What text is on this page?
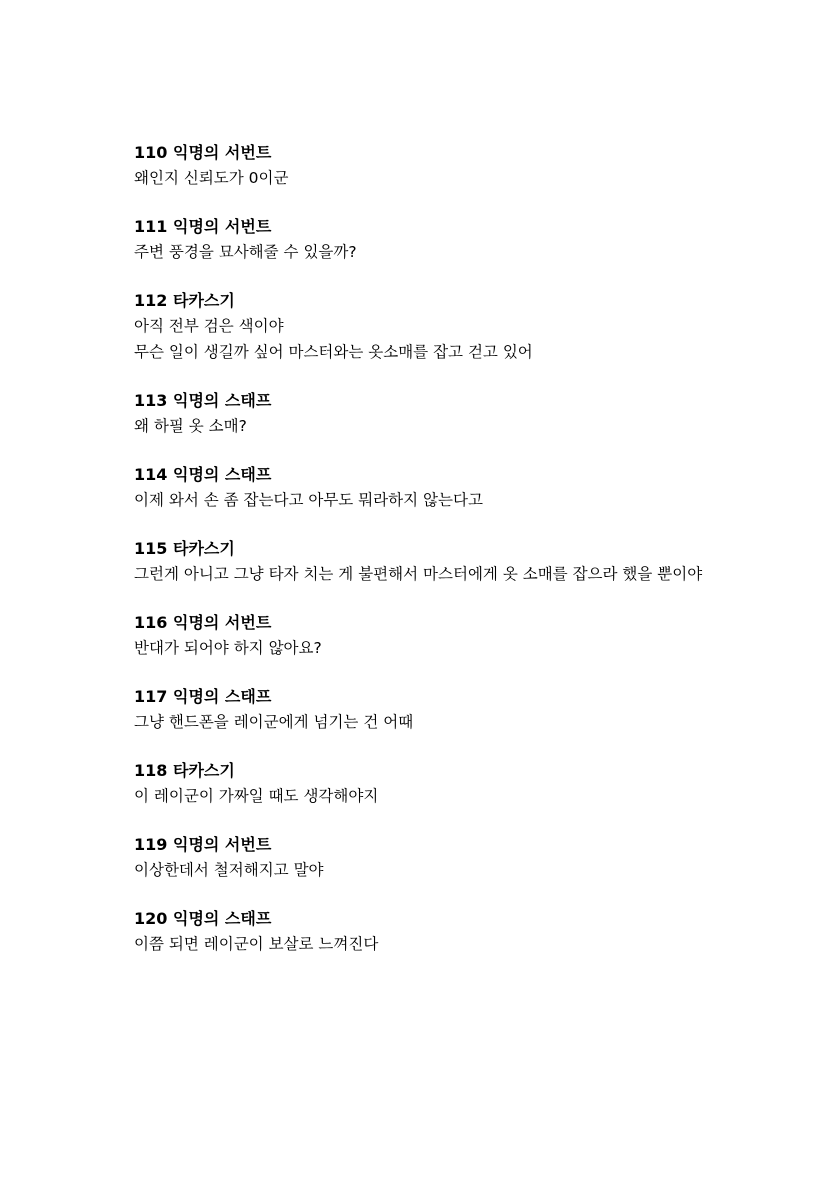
110 익명의 서번트
왜인지 신뢰도가 0이군
111 익명의 서번트
주변 풍경을 묘사해줄 수 있을까?
112 타카스기
아직 전부 검은 색이야
무슨 일이 생길까 싶어 마스터와는 옷소매를 잡고 걷고 있어
113 익명의 스태프
왜 하필 옷 소매?
114 익명의 스태프
이제 와서 손 좀 잡는다고 아무도 뭐라하지 않는다고
115 타카스기
그런게 아니고 그냥 타자 치는 게 불편해서 마스터에게 옷 소매를 잡으라 했을 뿐이야
116 익명의 서번트
반대가 되어야 하지 않아요?
117 익명의 스태프
그냥 핸드폰을 레이군에게 넘기는 건 어때
118 타카스기
이 레이군이 가짜일 때도 생각해야지
119 익명의 서번트
이상한데서 철저해지고 말야
120 익명의 스태프
이쯤 되면 레이군이 보살로 느껴진다
